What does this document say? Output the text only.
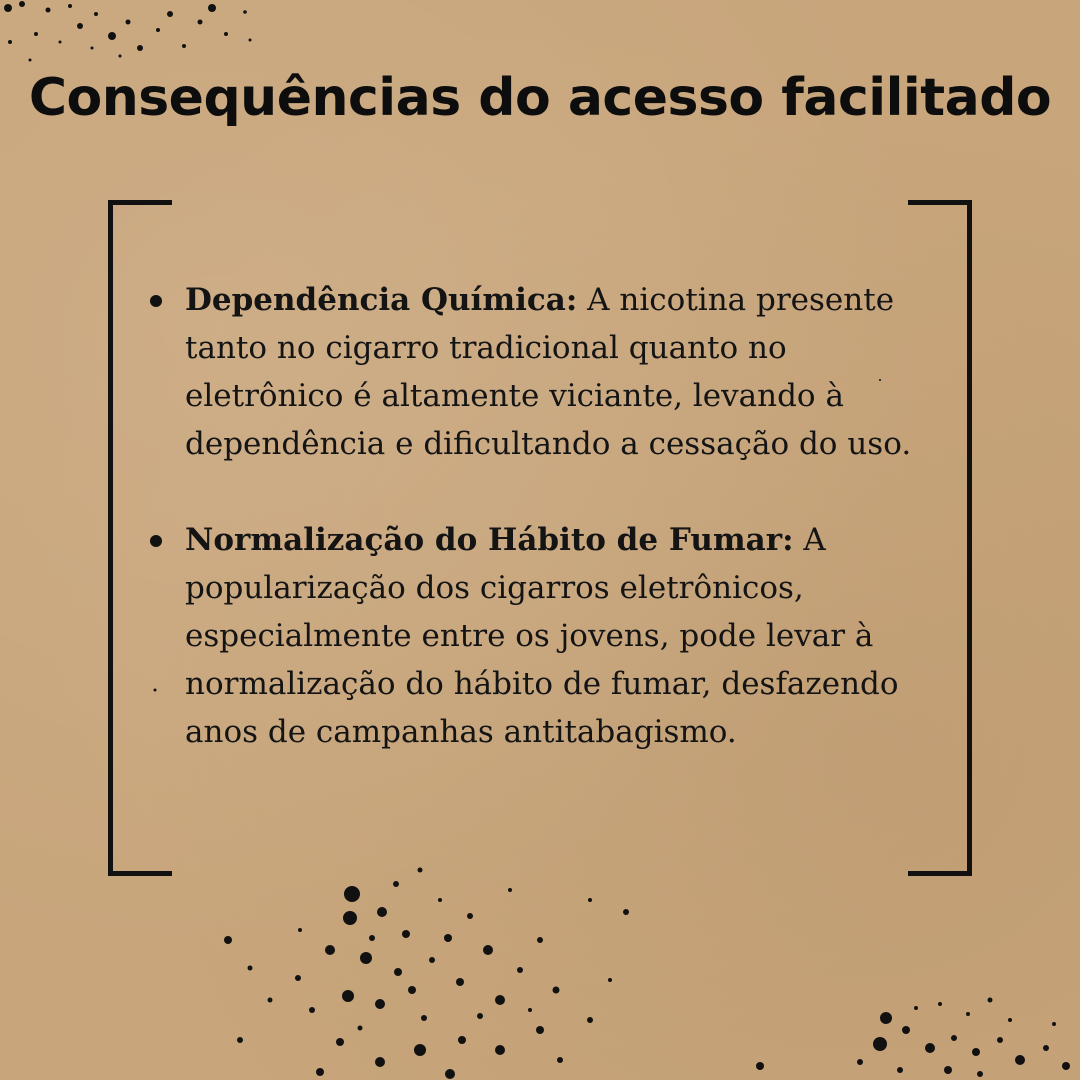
Consequências do acesso facilitado
Dependência Química: A nicotina presente tanto no cigarro tradicional quanto no eletrônico é altamente viciante, levando à dependência e dificultando a cessação do uso.
Normalização do Hábito de Fumar: A popularização dos cigarros eletrônicos, especialmente entre os jovens, pode levar à normalização do hábito de fumar, desfazendo anos de campanhas antitabagismo.
